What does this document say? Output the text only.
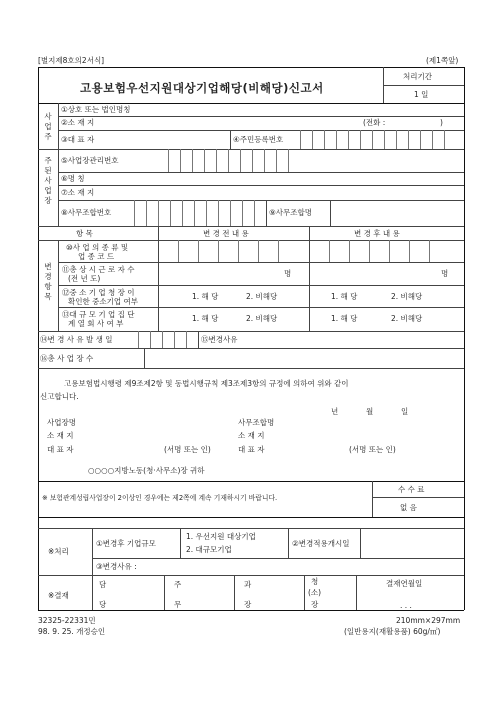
[별지제8호의2서식]	(제1쪽앞)
고용보험우선지원대상기업해당(비해당)신고서
처리기간
1 일
사업주
①상호 또는 법인명칭
②소 재 지	(전화 :	)
③대 표 자	④주민등록번호
주된사업장
⑤사업장관리번호
⑥명 칭
⑦소 재 지
⑧사무조합번호	⑨사무조합명
항 목	변 경 전 내 용	변 경 후 내 용
변경항목
⑩사 업 의 종 류 및
업 종 코 드
⑪총 상 시 근 로 자 수
(전 년 도)
명	명
⑫중 소 기 업 청 장 이
확인한 중소기업 여부
1. 해 당	2. 비해당	1. 해 당	2. 비해당
⑬대 규 모 기 업 집 단
계 열 회 사 여 부
1. 해 당	2. 비해당	1. 해 당	2. 비해당
⑭변 경 사 유 발 생 일	⑮변경사유
⑯총 사 업 장 수
고용보험법시행령 제9조제2항 및 동법시행규칙 제3조제3항의 규정에 의하여 위와 같이
신고합니다.
년	월	일
사업장명
소 재 지
대 표 자	(서명 또는 인)
사무조합명
소 재 지
대 표 자	(서명 또는 인)
○○○○지방노동(청·사무소)장 귀하
※ 보험관계성립사업장이 2이상인 경우에는 제2쪽에 계속 기재하시기 바랍니다.
수 수 료
없 음
※처리
①변경후 기업규모
1. 우선지원 대상기업
2. 대규모기업
②변경적용개시일
③변경사유 :
※결재
담
당
주
무
과
장
청
(소)
장
결재연월일
. . .
32325-22331민
98. 9. 25. 개정승인
210mm×297mm
(일반용지(재활용품) 60g/㎡)
